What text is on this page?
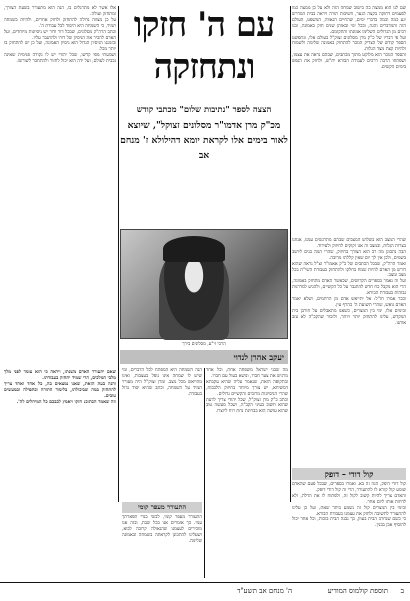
עם ה' חזקו ונתחזקה
הצצה לספר "נתיבות שלום" מכתבי קודש
מכ"ק מרן אדמו"ר מסלונים זצוקל", שיוצא לאור בימים אלו לקראת יומא דהילולא ז' מנחם אב
הרבי זי"ע, מסלונים בירך
יעקב אהרן לנדוי
שם לנו הוא ממצה כה בישוב שמחה הזה ולא על כן ממצה כמו לפעמים דחוקה בקצה הנער, חשיבות תורה ויראה בבית המדרש יגע כמה וכמה בדברי ימים, שהחיים הגאווה, המשפט, העולם הזה והמדברים והגה, ובכל ימי ובאותן שנים חזק באמונה, ובנו רבים מן הגדולים השלימו אמונתו והתקומם.
ועל פי דבריו של כ"ק מרן מסלונים זצוק"ל בעולם אלו, ונתפשט הספר קודש של הצדיק הנזכר להתחזק באמונה שלימה ולשמוח ולהיות קצת מצד הגלות.
והספר הנזכר הוא מלוקט מתוך מכתבים, שבהם נראה את עצמו, ושפתחו הרבה דרכים לעבודת הבורא ית"ש, ולחזק את הנפש בימים הקשים.
שהרי המצב הוא בשלוש המצבים שבהם מתרגשים עמנו, אנחנו בצרות הגלות, ובמצב זה אנו זקוקים לחיזוק ולעידוד.
הבה נתבונן מה רב הוא הצורך בחיזוק, שהרי המה בנים ליושב בשמים, ולכן אין לך יום שאין קללתו מרובה.
ואמר הרה"ק, שבכל הכתבים של כ"ק אאמו"ר זצ"ל נראה שהוא דורש מן האדם להיות שמח בחלקו ולהתחזק בעבודת השי"ת בכל מצב ומצב.
ועל זה נאמר בספרים הקדושים, שכאשר האדם מתחזק באמונה, הרי הוא מקבל כח חדש להתגבר על כל הקשיים, ולהגיע למדרגות גבוהות בעבודת הבורא.
וכבר אמרו חז"ל: אל יתייאש אדם מן הרחמים, ושלא יאמר האדם נואש, שהרי תשועת ה' כהרף עין.
ובימים אלו, ימי בין המצרים, כשאנו מתאבלים על חורבן בית המקדש, עלינו להתחזק יותר ויותר, ולזכור שהקב"ה לא עזב אותנו.
קול דודי – דופק
קול דודי דופק, הנה זה בא. ואמרו בספרים, שבכל פעם שהאדם שומע קול קורא לו להתעורר, הרי זה קול דודי דופק.
והאדם צריך להיות קשוב לקול זה, ולפתוח לו את הדלת, ולא לדחות אותו ליום אחר.
ובימי בין המצרים קול זה נשמע ביתר שאת, ועל כן עלינו להתעורר לתשובה ולחזק את עצמנו בעבודת הבורא.
כי כשם שנחרב הבית בעוון, כך נבנה הבית בזכות, וכל אחד יכול להוסיף אבן בבנין.
אלו אשר לא מתרגלים בו, הנה הוא מתעורר בשעת הצורך, ומתחזק ועולה.
על כן מצווה גדולה להתחזק ולחזק אחרים, ולהיות בשמחה תמיד, כי השמחה היא היסוד לכל עבודת ה'.
וכתב הרה"ק מסלונים, שבכל דור ודור יש ניסיונות מיוחדים, ועל האדם להכיר את הניסיון של דורו ולהתגבר עליו.
ובזמננו הניסיון הגדול הוא ניסיון האמונה, ועל כן יש להתחזק בו יותר מכל.
ושמעתי מפי קדשו, שכל יהודי יש לו נקודה פנימית שאינה נכבית לעולם, ועל ידה הוא יכול לחזור ולהתחבר לשורשו.
שאם יתעורר האדם משנתו, ויראה כי הוא עומד לפני מלך מלכי המלכים, הרי שמיד יתחזק בעבודתו.
והנה בעת הזאת, שאנו נמצאים בה, כל אחד ואחד צריך להתחזק במה שביכולתו, בלימוד התורה ובתפילה ובמעשים טובים.
וזה שאמר הכתוב: חזקו ויאמץ לבבכם כל המיחלים לה'.
מה שבני ישראל משפחה אחת, וכל אחד מרגיש את צער חברו, ונושא בעול עם חברו.
ובתקופה הזאת, שנאמר עליה שהיא עקבתא דמשיחא, יש צורך מיוחד בחיזוק הלבבות, שהרי הניסיונות מרובים והקשיים גדולים.
וכתב כ"ק מרן זצוק"ל, שכל יהודי צריך לדעת שהוא חשוב בעיני הקב"ה, ושכל מעשה טוב שהוא עושה הוא בבחינת נחת רוח ליוצרו.
הנה השמחה היא המפתח לכל הדברים, ומי שיש לו שמחה אינו נופל בעצבות, ואינו מתייאש מכל מצב. ומרן זצוק"ל היה מעורר תמיד על השמחה, וכתב שהיא יסוד גדול בעבודה.
התעורר מעפר קומי
התעורר מעפר קומי, לבשי בגדי תפארתך עמי. כך אומרים אנו בכל שבת, ובזה אנו מזכירים לעצמנו שהגאולה קרובה לבוא, ושעלינו להתכונן לקראתה בשמחה ובאמונה שלימה.
ב
תוספת קולמוס המודיע
ה' מנחם אב תשע"ד
